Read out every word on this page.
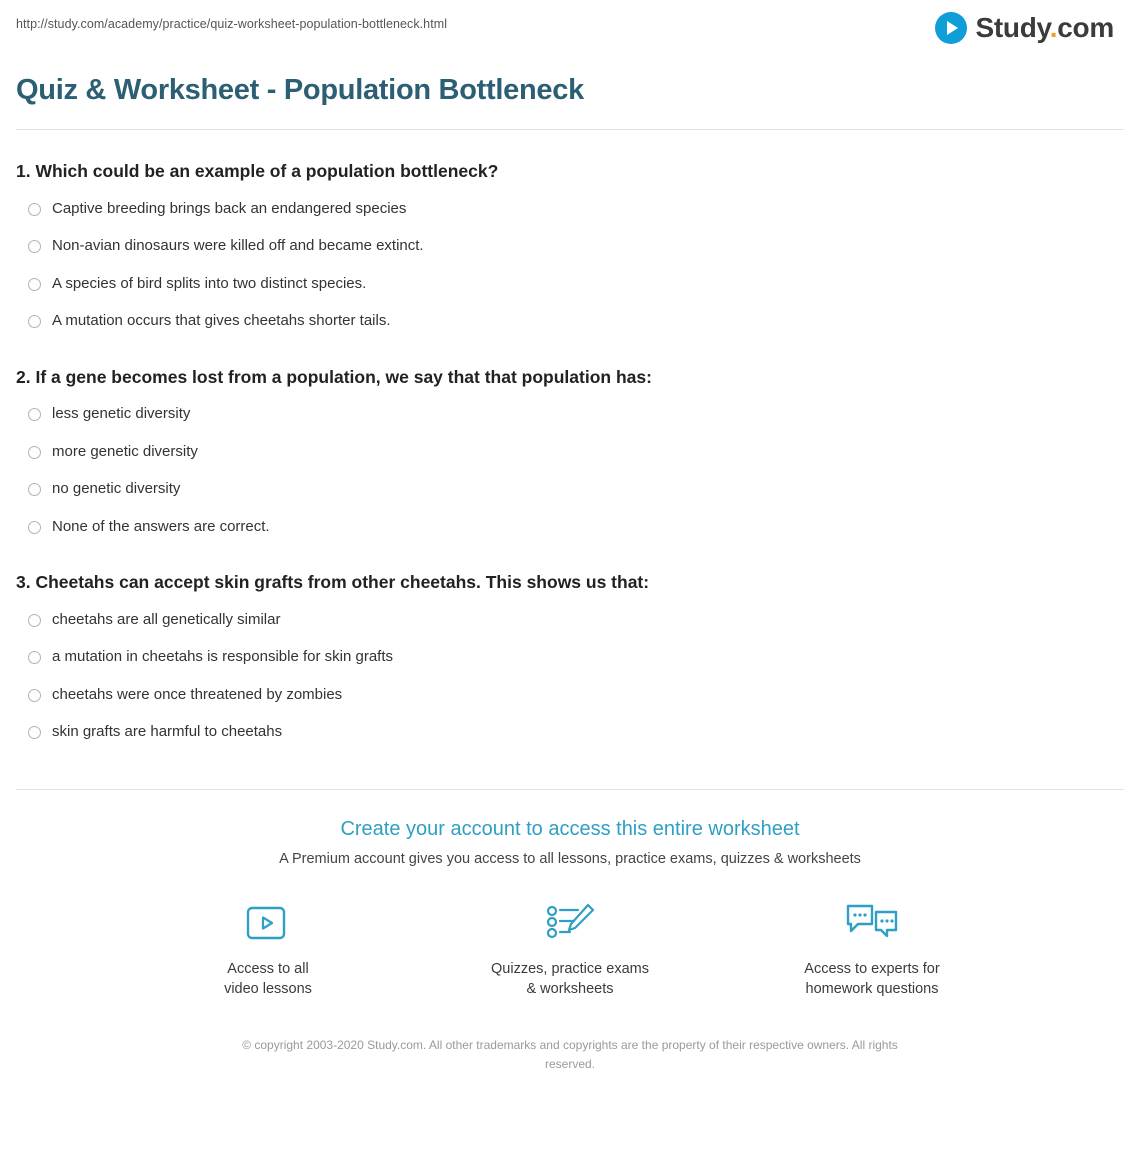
http://study.com/academy/practice/quiz-worksheet-population-bottleneck.html	Study.com
Quiz & Worksheet - Population Bottleneck

1. Which could be an example of a population bottleneck?

Captive breeding brings back an endangered species
Non-avian dinosaurs were killed off and became extinct.
A species of bird splits into two distinct species.
A mutation occurs that gives cheetahs shorter tails.

2. If a gene becomes lost from a population, we say that that population has:

less genetic diversity
more genetic diversity
no genetic diversity
None of the answers are correct.

3. Cheetahs can accept skin grafts from other cheetahs. This shows us that:

cheetahs are all genetically similar
a mutation in cheetahs is responsible for skin grafts
cheetahs were once threatened by zombies
skin grafts are harmful to cheetahs

Create your account to access this entire worksheet

A Premium account gives you access to all lessons, practice exams, quizzes & worksheets

Access to all
video lessons
Quizzes, practice exams
& worksheets
Access to experts for
homework questions
© copyright 2003-2020 Study.com. All other trademarks and copyrights are the property of their respective owners. All rights reserved.
